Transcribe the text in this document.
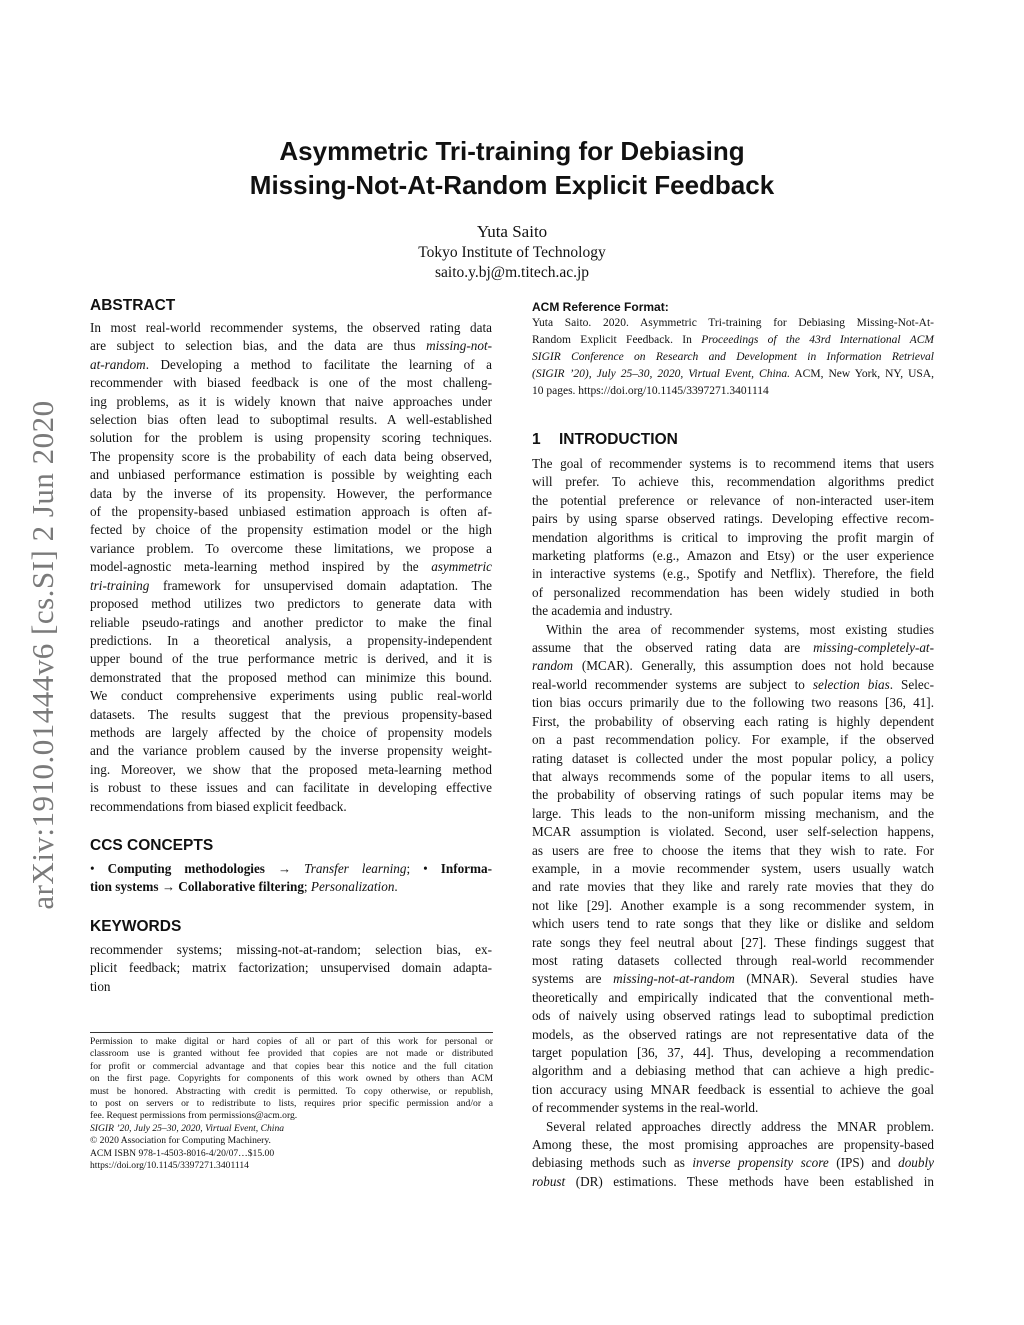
arXiv:1910.01444v6 [cs.SI] 2 Jun 2020
Asymmetric Tri-training for Debiasing
Missing-Not-At-Random Explicit Feedback
Yuta Saito
Tokyo Institute of Technology
saito.y.bj@m.titech.ac.jp
ABSTRACT
In most real-world recommender systems, the observed rating data
are subject to selection bias, and the data are thus missing-not-
at-random. Developing a method to facilitate the learning of a
recommender with biased feedback is one of the most challeng-
ing problems, as it is widely known that naive approaches under
selection bias often lead to suboptimal results. A well-established
solution for the problem is using propensity scoring techniques.
The propensity score is the probability of each data being observed,
and unbiased performance estimation is possible by weighting each
data by the inverse of its propensity. However, the performance
of the propensity-based unbiased estimation approach is often af-
fected by choice of the propensity estimation model or the high
variance problem. To overcome these limitations, we propose a
model-agnostic meta-learning method inspired by the asymmetric
tri-training framework for unsupervised domain adaptation. The
proposed method utilizes two predictors to generate data with
reliable pseudo-ratings and another predictor to make the final
predictions. In a theoretical analysis, a propensity-independent
upper bound of the true performance metric is derived, and it is
demonstrated that the proposed method can minimize this bound.
We conduct comprehensive experiments using public real-world
datasets. The results suggest that the previous propensity-based
methods are largely affected by the choice of propensity models
and the variance problem caused by the inverse propensity weight-
ing. Moreover, we show that the proposed meta-learning method
is robust to these issues and can facilitate in developing effective
recommendations from biased explicit feedback.
CCS CONCEPTS
• Computing methodologies → Transfer learning; • Informa-
tion systems → Collaborative filtering; Personalization.
KEYWORDS
recommender systems; missing-not-at-random; selection bias, ex-
plicit feedback; matrix factorization; unsupervised domain adapta-
tion
Permission to make digital or hard copies of all or part of this work for personal or
classroom use is granted without fee provided that copies are not made or distributed
for profit or commercial advantage and that copies bear this notice and the full citation
on the first page. Copyrights for components of this work owned by others than ACM
must be honored. Abstracting with credit is permitted. To copy otherwise, or republish,
to post on servers or to redistribute to lists, requires prior specific permission and/or a
fee. Request permissions from permissions@acm.org.
SIGIR ’20, July 25–30, 2020, Virtual Event, China
© 2020 Association for Computing Machinery.
ACM ISBN 978-1-4503-8016-4/20/07…$15.00
https://doi.org/10.1145/3397271.3401114
ACM Reference Format:
Yuta Saito. 2020. Asymmetric Tri-training for Debiasing Missing-Not-At-
Random Explicit Feedback. In Proceedings of the 43rd International ACM
SIGIR Conference on Research and Development in Information Retrieval
(SIGIR ’20), July 25–30, 2020, Virtual Event, China. ACM, New York, NY, USA,
10 pages. https://doi.org/10.1145/3397271.3401114
1 INTRODUCTION
The goal of recommender systems is to recommend items that users
will prefer. To achieve this, recommendation algorithms predict
the potential preference or relevance of non-interacted user-item
pairs by using sparse observed ratings. Developing effective recom-
mendation algorithms is critical to improving the profit margin of
marketing platforms (e.g., Amazon and Etsy) or the user experience
in interactive systems (e.g., Spotify and Netflix). Therefore, the field
of personalized recommendation has been widely studied in both
the academia and industry.
Within the area of recommender systems, most existing studies
assume that the observed rating data are missing-completely-at-
random (MCAR). Generally, this assumption does not hold because
real-world recommender systems are subject to selection bias. Selec-
tion bias occurs primarily due to the following two reasons [36, 41].
First, the probability of observing each rating is highly dependent
on a past recommendation policy. For example, if the observed
rating dataset is collected under the most popular policy, a policy
that always recommends some of the popular items to all users,
the probability of observing ratings of such popular items may be
large. This leads to the non-uniform missing mechanism, and the
MCAR assumption is violated. Second, user self-selection happens,
as users are free to choose the items that they wish to rate. For
example, in a movie recommender system, users usually watch
and rate movies that they like and rarely rate movies that they do
not like [29]. Another example is a song recommender system, in
which users tend to rate songs that they like or dislike and seldom
rate songs they feel neutral about [27]. These findings suggest that
most rating datasets collected through real-world recommender
systems are missing-not-at-random (MNAR). Several studies have
theoretically and empirically indicated that the conventional meth-
ods of naively using observed ratings lead to suboptimal prediction
models, as the observed ratings are not representative data of the
target population [36, 37, 44]. Thus, developing a recommendation
algorithm and a debiasing method that can achieve a high predic-
tion accuracy using MNAR feedback is essential to achieve the goal
of recommender systems in the real-world.
Several related approaches directly address the MNAR problem.
Among these, the most promising approaches are propensity-based
debiasing methods such as inverse propensity score (IPS) and doubly
robust (DR) estimations. These methods have been established in
